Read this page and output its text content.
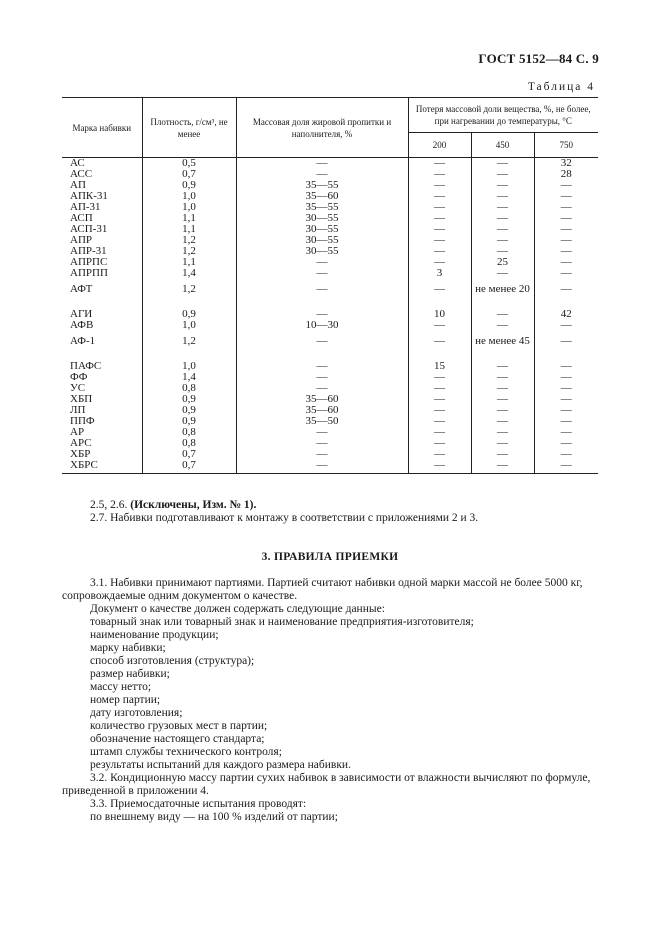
ГОСТ 5152—84 С. 9
Таблица 4
Марка набивки	Плотность, г/см³, не менее	Массовая доля жировой пропитки и наполнителя, %	Потеря массовой доли вещества, %, не более, при нагревании до температуры, °С		
			200	450	750
АС	0,5	—	—	—	32
АСС	0,7	—	—	—	28
АП	0,9	35—55	—	—	—
АПК-31	1,0	35—60	—	—	—
АП-31	1,0	35—55	—	—	—
АСП	1,1	30—55	—	—	—
АСП-31	1,1	30—55	—	—	—
АПР	1,2	30—55	—	—	—
АПР-31	1,2	30—55	—	—	—
АПРПС	1,1	—	—	25	—
АПРПП	1,4	—	3	—	—
АФТ	1,2	—	—	не менее 20	—
АГИ	0,9	—	10	—	42
АФВ	1,0	10—30	—	—	—
АФ-1	1,2	—	—	не менее 45	—
ПАФС	1,0	—	15	—	—
ФФ	1,4	—	—	—	—
УС	0,8	—	—	—	—
ХБП	0,9	35—60	—	—	—
ЛП	0,9	35—60	—	—	—
ППФ	0,9	35—50	—	—	—
АР	0,8	—	—	—	—
АРС	0,8	—	—	—	—
ХБР	0,7	—	—	—	—
ХБРС	0,7	—	—	—	—

2.5, 2.6. (Исключены, Изм. № 1).

2.7. Набивки подготавливают к монтажу в соответствии с приложениями 2 и 3.

3. ПРАВИЛА ПРИЕМКИ

3.1. Набивки принимают партиями. Партией считают набивки одной марки массой не более 5000 кг, сопровождаемые одним документом о качестве.

Документ о качестве должен содержать следующие данные:

товарный знак или товарный знак и наименование предприятия-изготовителя;

наименование продукции;

марку набивки;

способ изготовления (структура);

размер набивки;

массу нетто;

номер партии;

дату изготовления;

количество грузовых мест в партии;

обозначение настоящего стандарта;

штамп службы технического контроля;

результаты испытаний для каждого размера набивки.

3.2. Кондиционную массу партии сухих набивок в зависимости от влажности вычисляют по формуле, приведенной в приложении 4.

3.3. Приемосдаточные испытания проводят:

по внешнему виду — на 100 % изделий от партии;
